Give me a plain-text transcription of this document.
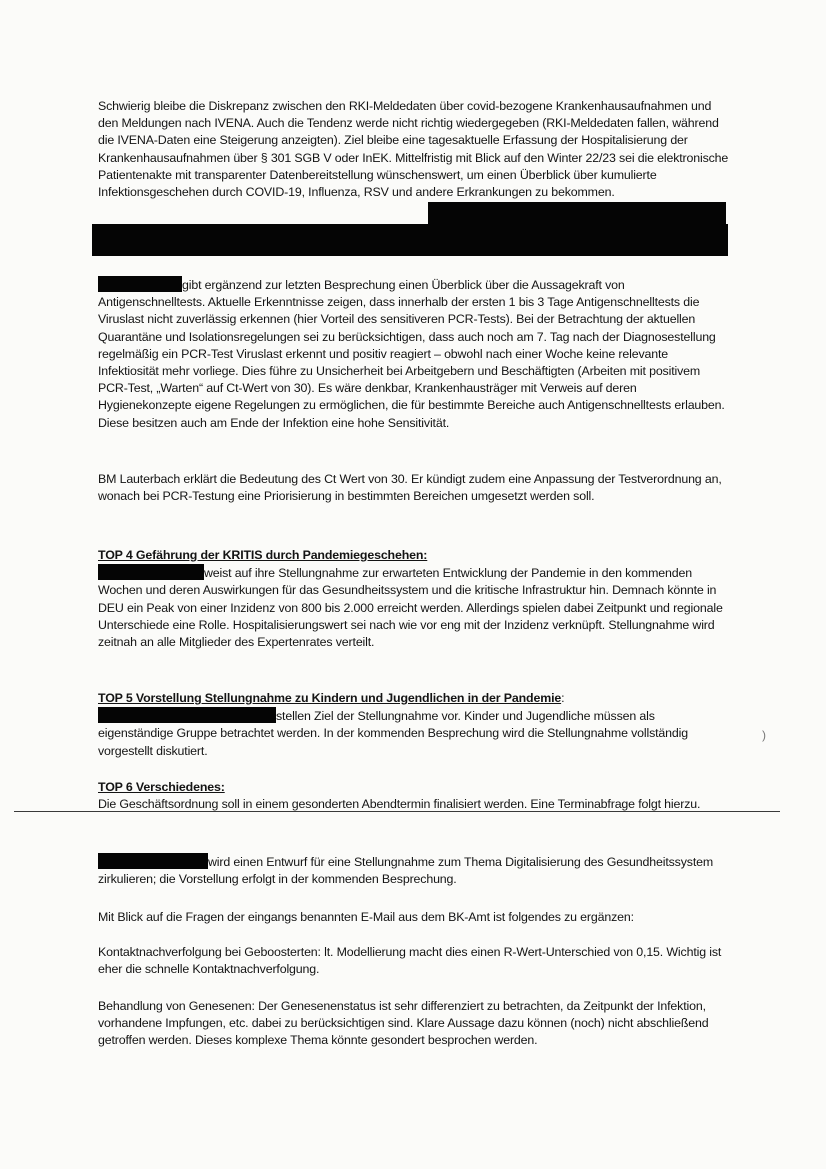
Schwierig bleibe die Diskrepanz zwischen den RKI-Meldedaten über covid-bezogene Krankenhausaufnahmen und den Meldungen nach IVENA. Auch die Tendenz werde nicht richtig wiedergegeben (RKI-Meldedaten fallen, während die IVENA-Daten eine Steigerung anzeigten). Ziel bleibe eine tagesaktuelle Erfassung der Hospitalisierung der Krankenhausaufnahmen über § 301 SGB V oder InEK. Mittelfristig mit Blick auf den Winter 22/23 sei die elektronische Patientenakte mit transparenter Datenbereitstellung wünschenswert, um einen Überblick über kumulierte Infektionsgeschehen durch COVID-19, Influenza, RSV und andere Erkrankungen zu bekommen.

gibt ergänzend zur letzten Besprechung einen Überblick über die Aussagekraft von Antigenschnelltests. Aktuelle Erkenntnisse zeigen, dass innerhalb der ersten 1 bis 3 Tage Antigenschnelltests die Viruslast nicht zuverlässig erkennen (hier Vorteil des sensitiveren PCR-Tests). Bei der Betrachtung der aktuellen Quarantäne und Isolationsregelungen sei zu berücksichtigen, dass auch noch am 7. Tag nach der Diagnosestellung regelmäßig ein PCR-Test Viruslast erkennt und positiv reagiert – obwohl nach einer Woche keine relevante Infektiosität mehr vorliege. Dies führe zu Unsicherheit bei Arbeitgebern und Beschäftigten (Arbeiten mit positivem PCR-Test, „Warten“ auf Ct-Wert von 30). Es wäre denkbar, Krankenhausträger mit Verweis auf deren Hygienekonzepte eigene Regelungen zu ermöglichen, die für bestimmte Bereiche auch Antigenschnelltests erlauben. Diese besitzen auch am Ende der Infektion eine hohe Sensitivität.

BM Lauterbach erklärt die Bedeutung des Ct Wert von 30. Er kündigt zudem eine Anpassung der Testverordnung an, wonach bei PCR-Testung eine Priorisierung in bestimmten Bereichen umgesetzt werden soll.

TOP 4 Gefährung der KRITIS durch Pandemiegeschehen:

weist auf ihre Stellungnahme zur erwarteten Entwicklung der Pandemie in den kommenden Wochen und deren Auswirkungen für das Gesundheitssystem und die kritische Infrastruktur hin. Demnach könnte in DEU ein Peak von einer Inzidenz von 800 bis 2.000 erreicht werden. Allerdings spielen dabei Zeitpunkt und regionale Unterschiede eine Rolle. Hospitalisierungswert sei nach wie vor eng mit der Inzidenz verknüpft. Stellungnahme wird zeitnah an alle Mitglieder des Expertenrates verteilt.

TOP 5 Vorstellung Stellungnahme zu Kindern und Jugendlichen in der Pandemie:

stellen Ziel der Stellungnahme vor. Kinder und Jugendliche müssen als eigenständige Gruppe betrachtet werden. In der kommenden Besprechung wird die Stellungnahme vollständig vorgestellt diskutiert.

TOP 6 Verschiedenes:

Die Geschäftsordnung soll in einem gesonderten Abendtermin finalisiert werden. Eine Terminabfrage folgt hierzu.

wird einen Entwurf für eine Stellungnahme zum Thema Digitalisierung des Gesundheitssystem zirkulieren; die Vorstellung erfolgt in der kommenden Besprechung.

Mit Blick auf die Fragen der eingangs benannten E-Mail aus dem BK-Amt ist folgendes zu ergänzen:

Kontaktnachverfolgung bei Geboosterten: lt. Modellierung macht dies einen R-Wert-Unterschied von 0,15. Wichtig ist eher die schnelle Kontaktnachverfolgung.

Behandlung von Genesenen: Der Genesenenstatus ist sehr differenziert zu betrachten, da Zeitpunkt der Infektion, vorhandene Impfungen, etc. dabei zu berücksichtigen sind. Klare Aussage dazu können (noch) nicht abschließend getroffen werden. Dieses komplexe Thema könnte gesondert besprochen werden.

)
